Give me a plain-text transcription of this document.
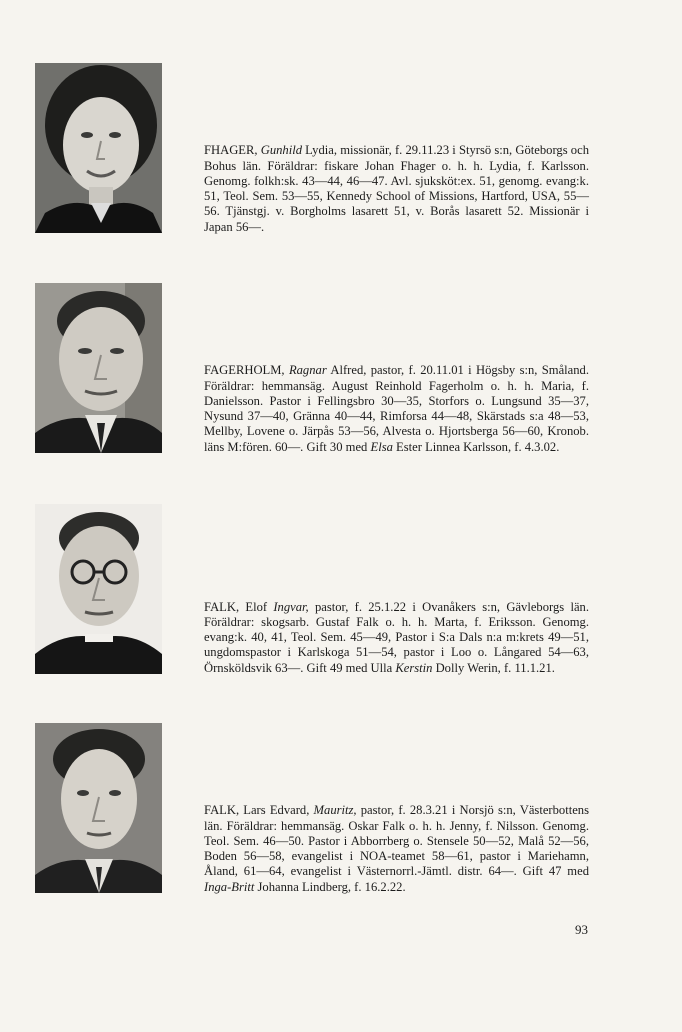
FHAGER, Gunhild Lydia, missionär, f. 29.11.23 i Styrsö s:n, Göteborgs och Bohus län. Föräldrar: fiskare Johan Fhager o. h. h. Lydia, f. Karlsson. Genomg. folkh:sk. 43—44, 46—47. Avl. sjuksköt:ex. 51, genomg. evang:k. 51, Teol. Sem. 53—55, Kennedy School of Missions, Hartford, USA, 55—56. Tjänstgj. v. Borgholms lasarett 51, v. Borås lasarett 52. Missionär i Japan 56—.

FAGERHOLM, Ragnar Alfred, pastor, f. 20.11.01 i Högsby s:n, Småland. Föräldrar: hemmansäg. August Reinhold Fagerholm o. h. h. Maria, f. Danielsson. Pastor i Fellingsbro 30—35, Storfors o. Lungsund 35—37, Nysund 37—40, Gränna 40—44, Rimforsa 44—48, Skärstads s:a 48—53, Mellby, Lovene o. Järpås 53—56, Alvesta o. Hjortsberga 56—60, Kronob. läns M:fören. 60—. Gift 30 med Elsa Ester Linnea Karlsson, f. 4.3.02.

FALK, Elof Ingvar, pastor, f. 25.1.22 i Ovanåkers s:n, Gävleborgs län. Föräldrar: skogsarb. Gustaf Falk o. h. h. Marta, f. Eriksson. Genomg. evang:k. 40, 41, Teol. Sem. 45—49, Pastor i S:a Dals n:a m:krets 49—51, ungdomspastor i Karlskoga 51—54, pastor i Loo o. Långared 54—63, Örnsköldsvik 63—. Gift 49 med Ulla Kerstin Dolly Werin, f. 11.1.21.

FALK, Lars Edvard, Mauritz, pastor, f. 28.3.21 i Norsjö s:n, Västerbottens län. Föräldrar: hemmansäg. Oskar Falk o. h. h. Jenny, f. Nilsson. Genomg. Teol. Sem. 46—50. Pastor i Abborrberg o. Stensele 50—52, Malå 52—56, Boden 56—58, evangelist i NOA-teamet 58—61, pastor i Mariehamn, Åland, 61—64, evangelist i Västernorrl.-Jämtl. distr. 64—. Gift 47 med Inga-Britt Johanna Lindberg, f. 16.2.22.

93
